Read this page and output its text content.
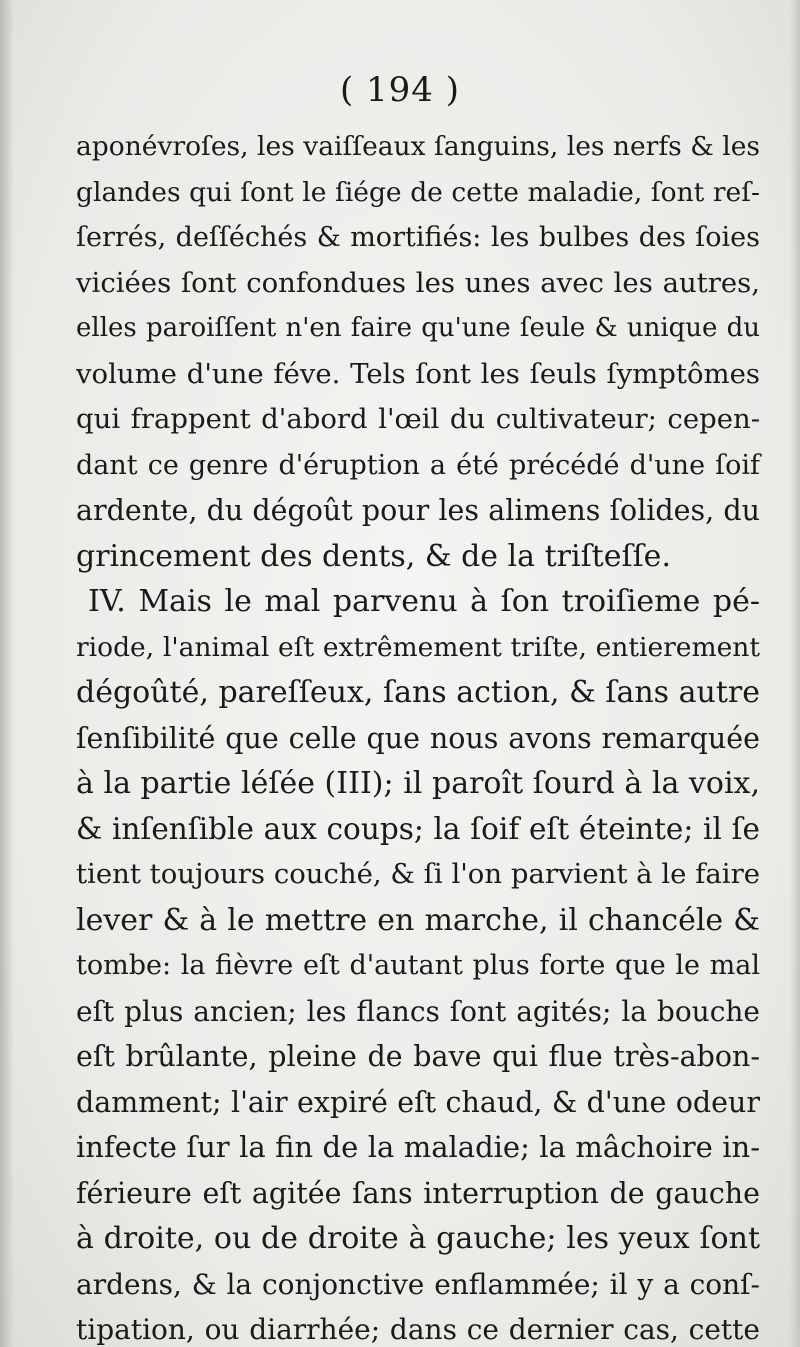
( 194 )
aponévroſes, les vaiſſeaux ſanguins, les nerfs & les
glandes qui ſont le ſiége de cette maladie, ſont reſ-
ſerrés, deſſéchés & mortifiés: les bulbes des ſoies
viciées ſont confondues les unes avec les autres,
elles paroiſſent n'en faire qu'une ſeule & unique du
volume d'une féve. Tels ſont les ſeuls ſymptômes
qui frappent d'abord l'œil du cultivateur; cepen-
dant ce genre d'éruption a été précédé d'une ſoif
ardente, du dégoût pour les alimens ſolides, du
grincement des dents, & de la triſteſſe.
IV. Mais le mal parvenu à ſon troiſieme pé-
riode, l'animal eſt extrêmement triſte, entierement
dégoûté, pareſſeux, ſans action, & ſans autre
ſenſibilité que celle que nous avons remarquée
à la partie léſée (III); il paroît ſourd à la voix,
& inſenſible aux coups; la ſoif eſt éteinte; il ſe
tient toujours couché, & ſi l'on parvient à le faire
lever & à le mettre en marche, il chancéle &
tombe: la fièvre eſt d'autant plus forte que le mal
eſt plus ancien; les flancs ſont agités; la bouche
eſt brûlante, pleine de bave qui flue très-abon-
damment; l'air expiré eſt chaud, & d'une odeur
infecte ſur la fin de la maladie; la mâchoire in-
férieure eſt agitée ſans interruption de gauche
à droite, ou de droite à gauche; les yeux ſont
ardens, & la conjonctive enflammée; il y a conſ-
tipation, ou diarrhée; dans ce dernier cas, cette
